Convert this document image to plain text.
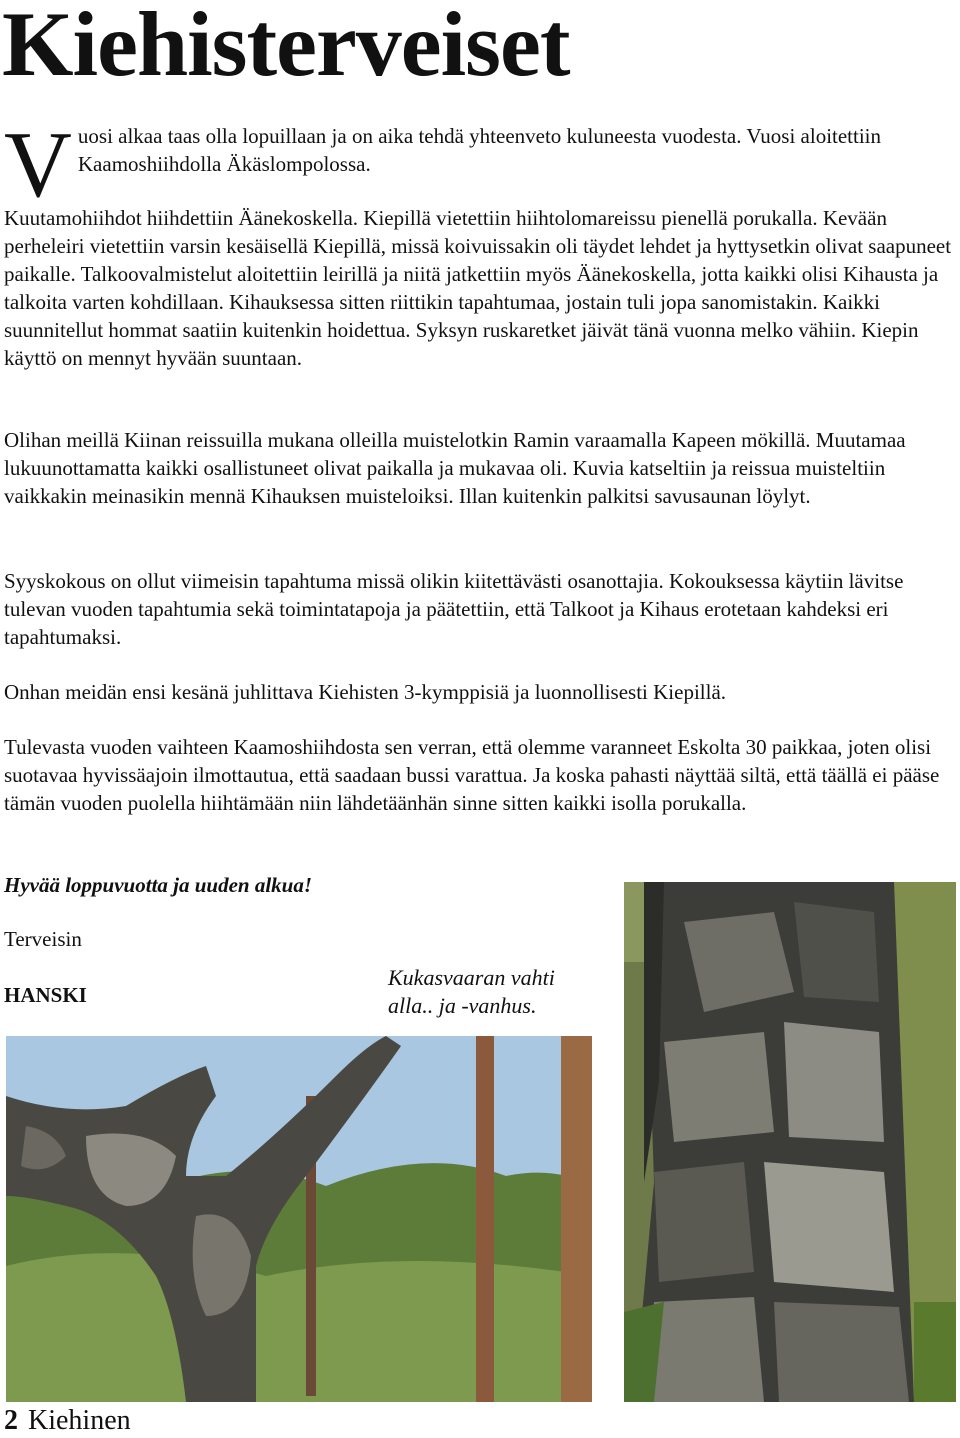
Kiehisterveiset
V uosi alkaa taas olla lopuillaan ja on aika tehdä yhteenveto kuluneesta vuodesta. Vuosi aloitettiin Kaamoshiihdolla Äkäslompolossa.

Kuutamohiihdot hiihdettiin Äänekoskella. Kiepillä vietettiin hiihtolomareissu pienellä porukalla. Kevään perheleiri vietettiin varsin kesäisellä Kiepillä, missä koivuissakin oli täydet lehdet ja hyttysetkin olivat saapuneet paikalle. Talkoovalmistelut aloitettiin leirillä ja niitä jatkettiin myös Äänekoskella, jotta kaikki olisi Kihausta ja talkoita varten kohdillaan. Kihauksessa sitten riittikin tapahtumaa, jostain tuli jopa sanomistakin. Kaikki suunnitellut hommat saatiin kuitenkin hoidettua. Syksyn ruskaretket jäivät tänä vuonna melko vähiin. Kiepin käyttö on mennyt hyvään suuntaan.

Olihan meillä Kiinan reissuilla mukana olleilla muistelotkin Ramin varaamalla Kapeen mökillä. Muutamaa lukuunottamatta kaikki osallistuneet olivat paikalla ja mukavaa oli. Kuvia katseltiin ja reissua muisteltiin vaikkakin meinasikin mennä Kihauksen muisteloiksi. Illan kuitenkin palkitsi savusaunan löylyt.

Syyskokous on ollut viimeisin tapahtuma missä olikin kiitettävästi osanottajia. Kokouksessa käytiin lävitse tulevan vuoden tapahtumia sekä toimintatapoja ja päätettiin, että Talkoot ja Kihaus erotetaan kahdeksi eri tapahtumaksi.

Onhan meidän ensi kesänä juhlittava Kiehisten 3-kymppisiä ja luonnollisesti Kiepillä.

Tulevasta vuoden vaihteen Kaamoshiihdosta sen verran, että olemme varanneet Eskolta 30 paikkaa, joten olisi suotavaa hyvissäajoin ilmottautua, että saadaan bussi varattua. Ja koska pahasti näyttää siltä, että täällä ei pääse tämän vuoden puolella hiihtämään niin lähdetäänhän sinne sitten kaikki isolla porukalla.

Hyvää loppuvuotta ja uuden alkua!
Terveisin
HANSKI
Kukasvaaran vahti
alla.. ja -vanhus.
2 Kiehinen
